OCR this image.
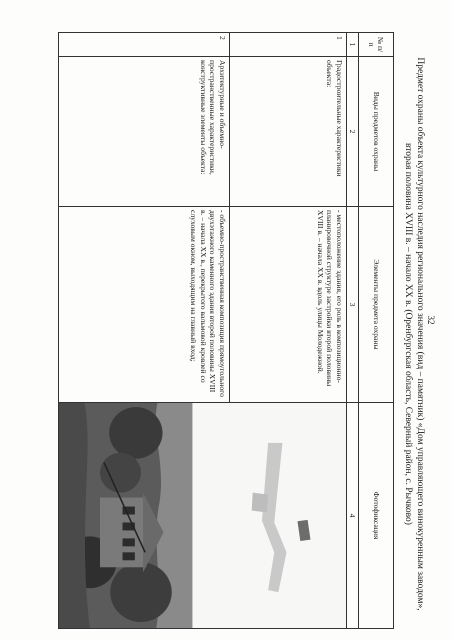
32
Предмет охраны объекта культурного наследия регионального значения (вид – памятник) «Дом управляющего винокуренным заводом», вторая половина XVIII в. – начало XX в. (Оренбургская область, Северный район, с. Рычково)
№ п/п	Виды предметов охраны	Элементы предмета охраны	Фотофиксация
1	2	3	4
1	Градостроительные характеристики объекта:	- местоположение здания, его роль в композиционно-планировочной структуре застройки второй половины XVIII в. – начала XX в. вдоль улицы Молодежной.	

2	Архитектурные и объемно-пространственные характеристики, конструктивные элементы объекта:	- объемно-пространственная композиция прямоугольного двухэтажного каменного здания второй половины XVIII в. – начала XX в., перекрытого вальмовой кровлей со слуховым окном, выходящим на главный вход;	
